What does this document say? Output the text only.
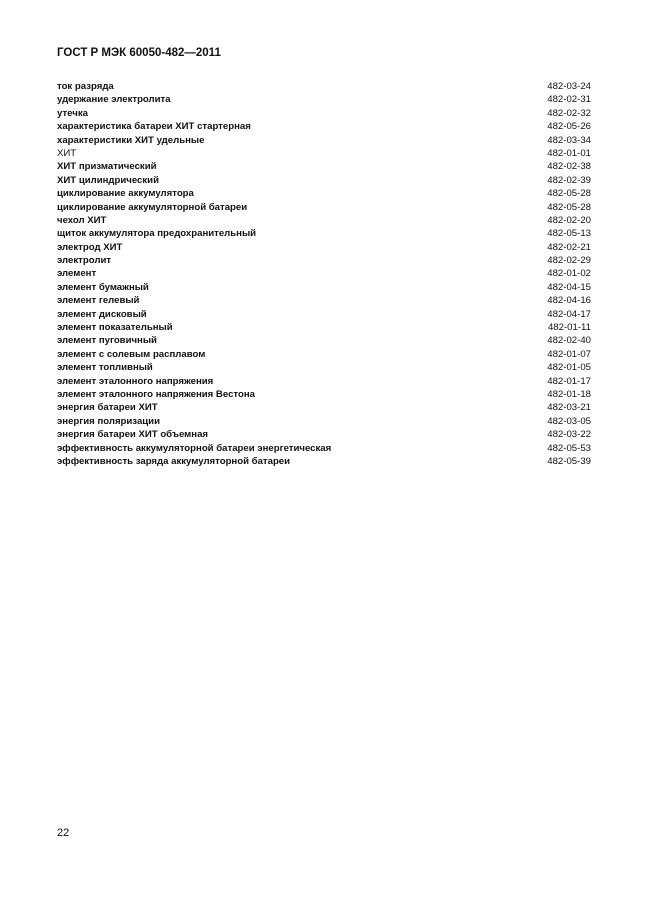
ГОСТ Р МЭК 60050-482—2011
ток разряда	482-03-24
удержание электролита	482-02-31
утечка	482-02-32
характеристика батареи ХИТ стартерная	482-05-26
характеристики ХИТ удельные	482-03-34
ХИТ	482-01-01
ХИТ призматический	482-02-38
ХИТ цилиндрический	482-02-39
циклирование аккумулятора	482-05-28
циклирование аккумуляторной батареи	482-05-28
чехол ХИТ	482-02-20
щиток аккумулятора предохранительный	482-05-13
электрод ХИТ	482-02-21
электролит	482-02-29
элемент	482-01-02
элемент бумажный	482-04-15
элемент гелевый	482-04-16
элемент дисковый	482-04-17
элемент показательный	482-01-11
элемент пуговичный	482-02-40
элемент с солевым расплавом	482-01-07
элемент топливный	482-01-05
элемент эталонного напряжения	482-01-17
элемент эталонного напряжения Вестона	482-01-18
энергия батареи ХИТ	482-03-21
энергия поляризации	482-03-05
энергия батареи ХИТ объемная	482-03-22
эффективность аккумуляторной батареи энергетическая	482-05-53
эффективность заряда аккумуляторной батареи	482-05-39
22
